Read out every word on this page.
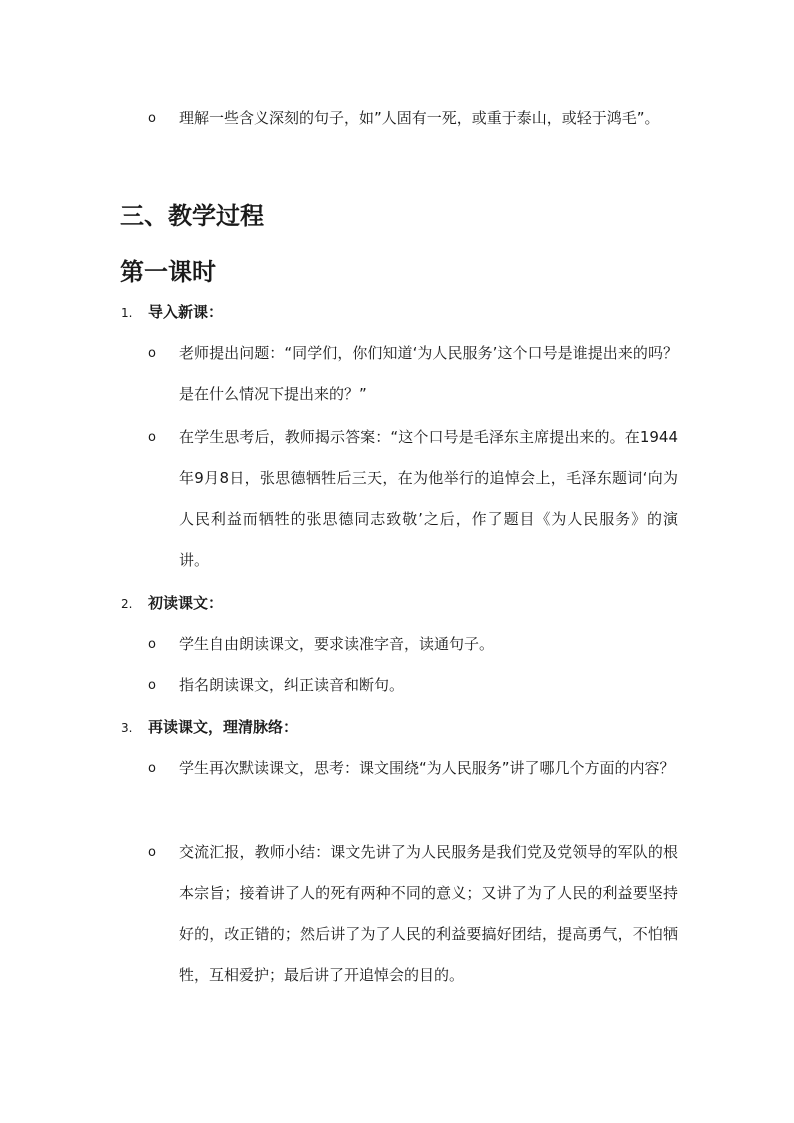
o	理解一些含义深刻的句子，如”人固有一死，或重于泰山，或轻于鸿毛”。
三、教学过程
第一课时
1. 导入新课：
o	老师提出问题：“同学们，你们知道‘为人民服务’这个口号是谁提出来的吗？是在什么情况下提出来的？”
o	在学生思考后，教师揭示答案：“这个口号是毛泽东主席提出来的。在1944年9月8日，张思德牺牲后三天，在为他举行的追悼会上，毛泽东题词‘向为人民利益而牺牲的张思德同志致敬’之后，作了题目《为人民服务》的演讲。
2. 初读课文：
o	学生自由朗读课文，要求读准字音，读通句子。
o	指名朗读课文，纠正读音和断句。
3. 再读课文，理清脉络：
o	学生再次默读课文，思考：课文围绕“为人民服务”讲了哪几个方面的内容？
o	交流汇报，教师小结：课文先讲了为人民服务是我们党及党领导的军队的根本宗旨；接着讲了人的死有两种不同的意义；又讲了为了人民的利益要坚持好的，改正错的；然后讲了为了人民的利益要搞好团结，提高勇气，不怕牺牲，互相爱护；最后讲了开追悼会的目的。
